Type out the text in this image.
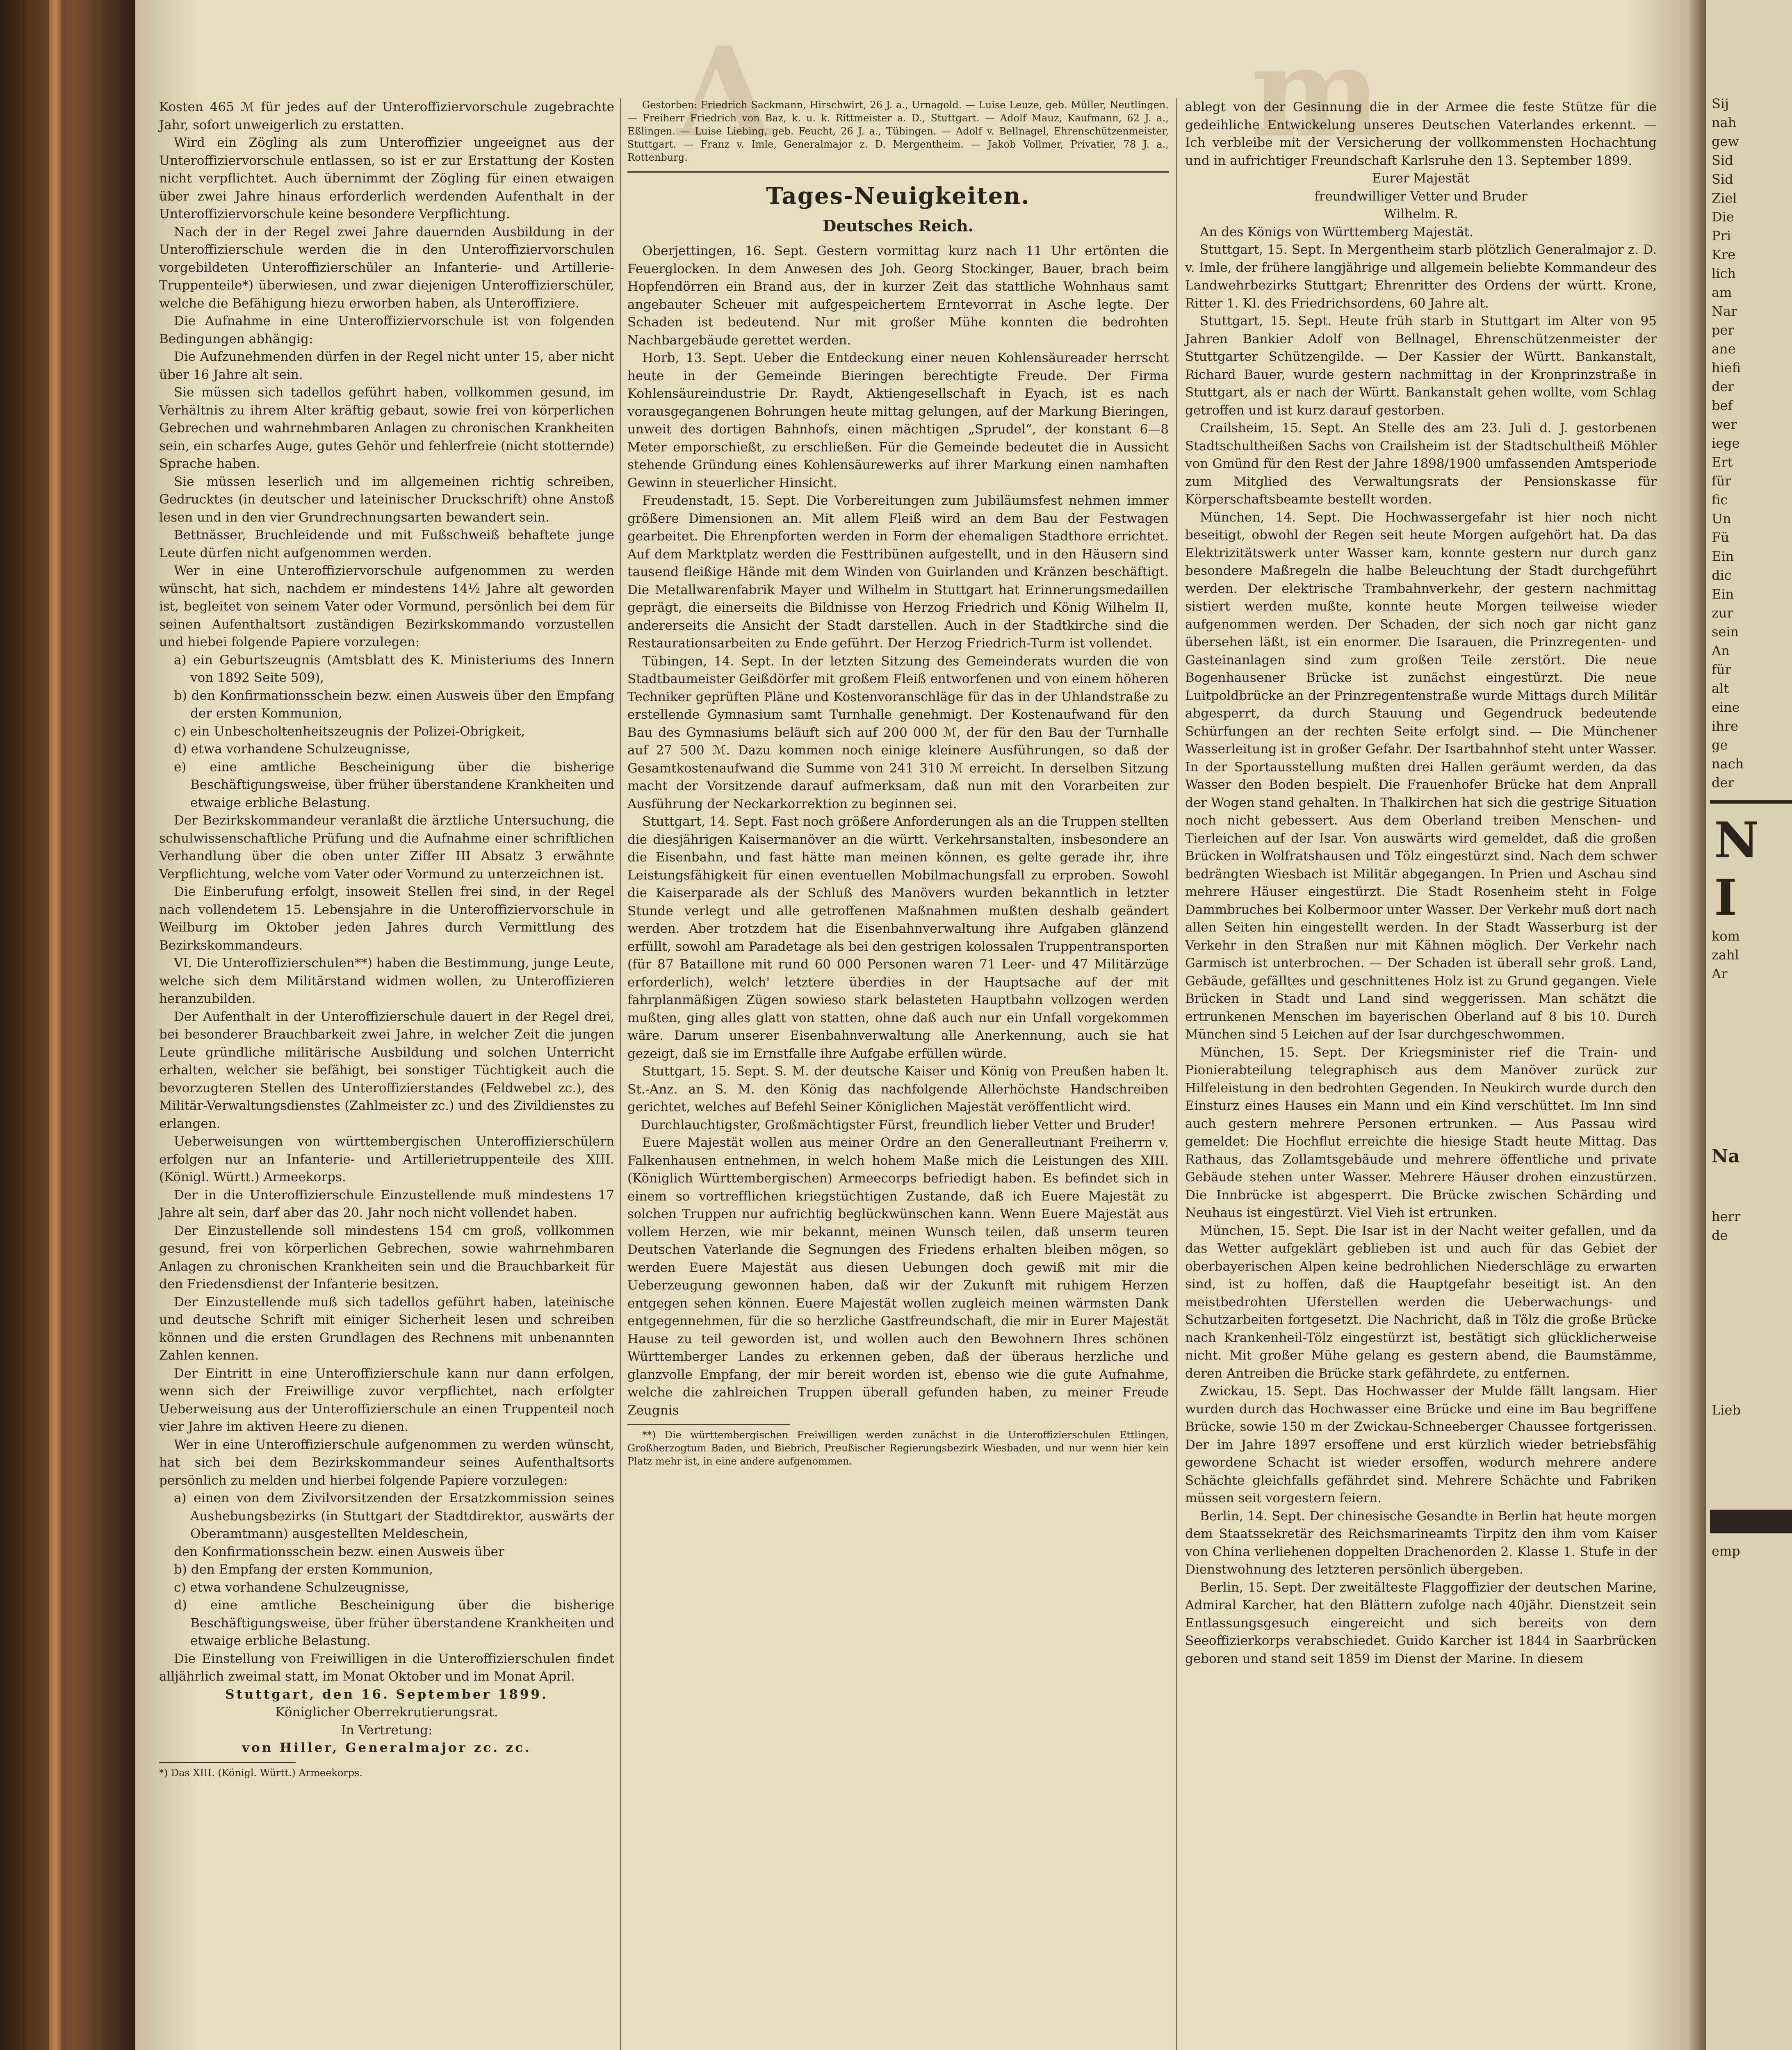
Kosten 465 ℳ für jedes auf der Unteroffiziervorschule zugebrachte Jahr, sofort unweigerlich zu erstatten.

Wird ein Zögling als zum Unteroffizier ungeeignet aus der Unteroffiziervorschule entlassen, so ist er zur Erstattung der Kosten nicht verpflichtet. Auch übernimmt der Zögling für einen etwaigen über zwei Jahre hinaus erforderlich werdenden Aufenthalt in der Unteroffiziervorschule keine besondere Verpflichtung.

Nach der in der Regel zwei Jahre dauernden Ausbildung in der Unteroffizierschule werden die in den Unteroffiziervorschulen vorgebildeten Unteroffizierschüler an Infanterie- und Artillerie-Truppenteile*) überwiesen, und zwar diejenigen Unteroffizierschüler, welche die Befähigung hiezu erworben haben, als Unteroffiziere.

Die Aufnahme in eine Unteroffiziervorschule ist von folgenden Bedingungen abhängig:

Die Aufzunehmenden dürfen in der Regel nicht unter 15, aber nicht über 16 Jahre alt sein.

Sie müssen sich tadellos geführt haben, vollkommen gesund, im Verhältnis zu ihrem Alter kräftig gebaut, sowie frei von körperlichen Gebrechen und wahrnehmbaren Anlagen zu chronischen Krankheiten sein, ein scharfes Auge, gutes Gehör und fehlerfreie (nicht stotternde) Sprache haben.

Sie müssen leserlich und im allgemeinen richtig schreiben, Gedrucktes (in deutscher und lateinischer Druckschrift) ohne Anstoß lesen und in den vier Grundrechnungsarten bewandert sein.

Bettnässer, Bruchleidende und mit Fußschweiß behaftete junge Leute dürfen nicht aufgenommen werden.

Wer in eine Unteroffiziervorschule aufgenommen zu werden wünscht, hat sich, nachdem er mindestens 14½ Jahre alt geworden ist, begleitet von seinem Vater oder Vormund, persönlich bei dem für seinen Aufenthaltsort zuständigen Bezirkskommando vorzustellen und hiebei folgende Papiere vorzulegen:

a) ein Geburtszeugnis (Amtsblatt des K. Ministeriums des Innern von 1892 Seite 509),

b) den Konfirmationsschein bezw. einen Ausweis über den Empfang der ersten Kommunion,

c) ein Unbescholtenheitszeugnis der Polizei-Obrigkeit,

d) etwa vorhandene Schulzeugnisse,

e) eine amtliche Bescheinigung über die bisherige Beschäftigungsweise, über früher überstandene Krankheiten und etwaige erbliche Belastung.

Der Bezirkskommandeur veranlaßt die ärztliche Untersuchung, die schulwissenschaftliche Prüfung und die Aufnahme einer schriftlichen Verhandlung über die oben unter Ziffer III Absatz 3 erwähnte Verpflichtung, welche vom Vater oder Vormund zu unterzeichnen ist.

Die Einberufung erfolgt, insoweit Stellen frei sind, in der Regel nach vollendetem 15. Lebensjahre in die Unteroffiziervorschule in Weilburg im Oktober jeden Jahres durch Vermittlung des Bezirkskommandeurs.

VI. Die Unteroffizierschulen**) haben die Bestimmung, junge Leute, welche sich dem Militärstand widmen wollen, zu Unteroffizieren heranzubilden.

Der Aufenthalt in der Unteroffizierschule dauert in der Regel drei, bei besonderer Brauchbarkeit zwei Jahre, in welcher Zeit die jungen Leute gründliche militärische Ausbildung und solchen Unterricht erhalten, welcher sie befähigt, bei sonstiger Tüchtigkeit auch die bevorzugteren Stellen des Unteroffizierstandes (Feldwebel zc.), des Militär-Verwaltungsdienstes (Zahlmeister zc.) und des Zivildienstes zu erlangen.

Ueberweisungen von württembergischen Unteroffizierschülern erfolgen nur an Infanterie- und Artillerietruppenteile des XIII. (Königl. Württ.) Armeekorps.

Der in die Unteroffizierschule Einzustellende muß mindestens 17 Jahre alt sein, darf aber das 20. Jahr noch nicht vollendet haben.

Der Einzustellende soll mindestens 154 cm groß, vollkommen gesund, frei von körperlichen Gebrechen, sowie wahrnehmbaren Anlagen zu chronischen Krankheiten sein und die Brauchbarkeit für den Friedensdienst der Infanterie besitzen.

Der Einzustellende muß sich tadellos geführt haben, lateinische und deutsche Schrift mit einiger Sicherheit lesen und schreiben können und die ersten Grundlagen des Rechnens mit unbenannten Zahlen kennen.

Der Eintritt in eine Unteroffizierschule kann nur dann erfolgen, wenn sich der Freiwillige zuvor verpflichtet, nach erfolgter Ueberweisung aus der Unteroffizierschule an einen Truppenteil noch vier Jahre im aktiven Heere zu dienen.

Wer in eine Unteroffizierschule aufgenommen zu werden wünscht, hat sich bei dem Bezirkskommandeur seines Aufenthaltsorts persönlich zu melden und hierbei folgende Papiere vorzulegen:

a) einen von dem Zivilvorsitzenden der Ersatzkommission seines Aushebungsbezirks (in Stuttgart der Stadtdirektor, auswärts der Oberamtmann) ausgestellten Meldeschein,

den Konfirmationsschein bezw. einen Ausweis über

b) den Empfang der ersten Kommunion,

c) etwa vorhandene Schulzeugnisse,

d) eine amtliche Bescheinigung über die bisherige Beschäftigungsweise, über früher überstandene Krankheiten und etwaige erbliche Belastung.

Die Einstellung von Freiwilligen in die Unteroffizierschulen findet alljährlich zweimal statt, im Monat Oktober und im Monat April.

Stuttgart, den 16. September 1899.

Königlicher Oberrekrutierungsrat.

In Vertretung:

von Hiller, Generalmajor zc. zc.

*) Das XIII. (Königl. Württ.) Armeekorps.

Gestorben: Friedrich Sackmann, Hirschwirt, 26 J. a., Urnagold. — Luise Leuze, geb. Müller, Neutlingen. — Freiherr Friedrich von Baz, k. u. k. Rittmeister a. D., Stuttgart. — Adolf Mauz, Kaufmann, 62 J. a., Eßlingen. — Luise Liebing, geb. Feucht, 26 J. a., Tübingen. — Adolf v. Bellnagel, Ehrenschützenmeister, Stuttgart. — Franz v. Imle, Generalmajor z. D. Mergentheim. — Jakob Vollmer, Privatier, 78 J. a., Rottenburg.

Tages-Neuigkeiten.
Deutsches Reich.

Oberjettingen, 16. Sept. Gestern vormittag kurz nach 11 Uhr ertönten die Feuerglocken. In dem Anwesen des Joh. Georg Stockinger, Bauer, brach beim Hopfendörren ein Brand aus, der in kurzer Zeit das stattliche Wohnhaus samt angebauter Scheuer mit aufgespeichertem Erntevorrat in Asche legte. Der Schaden ist bedeutend. Nur mit großer Mühe konnten die bedrohten Nachbargebäude gerettet werden.

Horb, 13. Sept. Ueber die Entdeckung einer neuen Kohlensäureader herrscht heute in der Gemeinde Bieringen berechtigte Freude. Der Firma Kohlensäureindustrie Dr. Raydt, Aktiengesellschaft in Eyach, ist es nach vorausgegangenen Bohrungen heute mittag gelungen, auf der Markung Bieringen, unweit des dortigen Bahnhofs, einen mächtigen „Sprudel“, der konstant 6—8 Meter emporschießt, zu erschließen. Für die Gemeinde bedeutet die in Aussicht stehende Gründung eines Kohlensäurewerks auf ihrer Markung einen namhaften Gewinn in steuerlicher Hinsicht.

Freudenstadt, 15. Sept. Die Vorbereitungen zum Jubiläumsfest nehmen immer größere Dimensionen an. Mit allem Fleiß wird an dem Bau der Festwagen gearbeitet. Die Ehrenpforten werden in Form der ehemaligen Stadthore errichtet. Auf dem Marktplatz werden die Festtribünen aufgestellt, und in den Häusern sind tausend fleißige Hände mit dem Winden von Guirlanden und Kränzen beschäftigt. Die Metallwarenfabrik Mayer und Wilhelm in Stuttgart hat Erinnerungsmedaillen geprägt, die einerseits die Bildnisse von Herzog Friedrich und König Wilhelm II, andererseits die Ansicht der Stadt darstellen. Auch in der Stadtkirche sind die Restaurationsarbeiten zu Ende geführt. Der Herzog Friedrich-Turm ist vollendet.

Tübingen, 14. Sept. In der letzten Sitzung des Gemeinderats wurden die von Stadtbaumeister Geißdörfer mit großem Fleiß entworfenen und von einem höheren Techniker geprüften Pläne und Kostenvoranschläge für das in der Uhlandstraße zu erstellende Gymnasium samt Turnhalle genehmigt. Der Kostenaufwand für den Bau des Gymnasiums beläuft sich auf 200 000 ℳ, der für den Bau der Turnhalle auf 27 500 ℳ. Dazu kommen noch einige kleinere Ausführungen, so daß der Gesamtkostenaufwand die Summe von 241 310 ℳ erreicht. In derselben Sitzung macht der Vorsitzende darauf aufmerksam, daß nun mit den Vorarbeiten zur Ausführung der Neckarkorrektion zu beginnen sei.

Stuttgart, 14. Sept. Fast noch größere Anforderungen als an die Truppen stellten die diesjährigen Kaisermanöver an die württ. Verkehrsanstalten, insbesondere an die Eisenbahn, und fast hätte man meinen können, es gelte gerade ihr, ihre Leistungsfähigkeit für einen eventuellen Mobilmachungsfall zu erproben. Sowohl die Kaiserparade als der Schluß des Manövers wurden bekanntlich in letzter Stunde verlegt und alle getroffenen Maßnahmen mußten deshalb geändert werden. Aber trotzdem hat die Eisenbahnverwaltung ihre Aufgaben glänzend erfüllt, sowohl am Paradetage als bei den gestrigen kolossalen Truppentransporten (für 87 Bataillone mit rund 60 000 Personen waren 71 Leer- und 47 Militärzüge erforderlich), welch' letztere überdies in der Hauptsache auf der mit fahrplanmäßigen Zügen sowieso stark belasteten Hauptbahn vollzogen werden mußten, ging alles glatt von statten, ohne daß auch nur ein Unfall vorgekommen wäre. Darum unserer Eisenbahnverwaltung alle Anerkennung, auch sie hat gezeigt, daß sie im Ernstfalle ihre Aufgabe erfüllen würde.

Stuttgart, 15. Sept. S. M. der deutsche Kaiser und König von Preußen haben lt. St.-Anz. an S. M. den König das nachfolgende Allerhöchste Handschreiben gerichtet, welches auf Befehl Seiner Königlichen Majestät veröffentlicht wird.

Durchlauchtigster, Großmächtigster Fürst, freundlich lieber Vetter und Bruder!

Euere Majestät wollen aus meiner Ordre an den Generalleutnant Freiherrn v. Falkenhausen entnehmen, in welch hohem Maße mich die Leistungen des XIII. (Königlich Württembergischen) Armeecorps befriedigt haben. Es befindet sich in einem so vortrefflichen kriegstüchtigen Zustande, daß ich Euere Majestät zu solchen Truppen nur aufrichtig beglückwünschen kann. Wenn Euere Majestät aus vollem Herzen, wie mir bekannt, meinen Wunsch teilen, daß unserm teuren Deutschen Vaterlande die Segnungen des Friedens erhalten bleiben mögen, so werden Euere Majestät aus diesen Uebungen doch gewiß mit mir die Ueberzeugung gewonnen haben, daß wir der Zukunft mit ruhigem Herzen entgegen sehen können. Euere Majestät wollen zugleich meinen wärmsten Dank entgegennehmen, für die so herzliche Gastfreundschaft, die mir in Eurer Majestät Hause zu teil geworden ist, und wollen auch den Bewohnern Ihres schönen Württemberger Landes zu erkennen geben, daß der überaus herzliche und glanzvolle Empfang, der mir bereit worden ist, ebenso wie die gute Aufnahme, welche die zahlreichen Truppen überall gefunden haben, zu meiner Freude Zeugnis

**) Die württembergischen Freiwilligen werden zunächst in die Unteroffizierschulen Ettlingen, Großherzogtum Baden, und Biebrich, Preußischer Regierungsbezirk Wiesbaden, und nur wenn hier kein Platz mehr ist, in eine andere aufgenommen.

ablegt von der Gesinnung die in der Armee die feste Stütze für die gedeihliche Entwickelung unseres Deutschen Vaterlandes erkennt. — Ich verbleibe mit der Versicherung der vollkommensten Hochachtung und in aufrichtiger Freundschaft Karlsruhe den 13. September 1899.

Eurer Majestät

freundwilliger Vetter und Bruder

Wilhelm. R.

An des Königs von Württemberg Majestät.

Stuttgart, 15. Sept. In Mergentheim starb plötzlich Generalmajor z. D. v. Imle, der frühere langjährige und allgemein beliebte Kommandeur des Landwehrbezirks Stuttgart; Ehrenritter des Ordens der württ. Krone, Ritter 1. Kl. des Friedrichsordens, 60 Jahre alt.

Stuttgart, 15. Sept. Heute früh starb in Stuttgart im Alter von 95 Jahren Bankier Adolf von Bellnagel, Ehrenschützenmeister der Stuttgarter Schützengilde. — Der Kassier der Württ. Bankanstalt, Richard Bauer, wurde gestern nachmittag in der Kronprinzstraße in Stuttgart, als er nach der Württ. Bankanstalt gehen wollte, vom Schlag getroffen und ist kurz darauf gestorben.

Crailsheim, 15. Sept. An Stelle des am 23. Juli d. J. gestorbenen Stadtschultheißen Sachs von Crailsheim ist der Stadtschultheiß Möhler von Gmünd für den Rest der Jahre 1898/1900 umfassenden Amtsperiode zum Mitglied des Verwaltungsrats der Pensionskasse für Körperschaftsbeamte bestellt worden.

München, 14. Sept. Die Hochwassergefahr ist hier noch nicht beseitigt, obwohl der Regen seit heute Morgen aufgehört hat. Da das Elektrizitätswerk unter Wasser kam, konnte gestern nur durch ganz besondere Maßregeln die halbe Beleuchtung der Stadt durchgeführt werden. Der elektrische Trambahnverkehr, der gestern nachmittag sistiert werden mußte, konnte heute Morgen teilweise wieder aufgenommen werden. Der Schaden, der sich noch gar nicht ganz übersehen läßt, ist ein enormer. Die Isarauen, die Prinzregenten- und Gasteinanlagen sind zum großen Teile zerstört. Die neue Bogenhausener Brücke ist zunächst eingestürzt. Die neue Luitpoldbrücke an der Prinzregentenstraße wurde Mittags durch Militär abgesperrt, da durch Stauung und Gegendruck bedeutende Schürfungen an der rechten Seite erfolgt sind. — Die Münchener Wasserleitung ist in großer Gefahr. Der Isartbahnhof steht unter Wasser. In der Sportausstellung mußten drei Hallen geräumt werden, da das Wasser den Boden bespielt. Die Frauenhofer Brücke hat dem Anprall der Wogen stand gehalten. In Thalkirchen hat sich die gestrige Situation noch nicht gebessert. Aus dem Oberland treiben Menschen- und Tierleichen auf der Isar. Von auswärts wird gemeldet, daß die großen Brücken in Wolfratshausen und Tölz eingestürzt sind. Nach dem schwer bedrängten Wiesbach ist Militär abgegangen. In Prien und Aschau sind mehrere Häuser eingestürzt. Die Stadt Rosenheim steht in Folge Dammbruches bei Kolbermoor unter Wasser. Der Verkehr muß dort nach allen Seiten hin eingestellt werden. In der Stadt Wasserburg ist der Verkehr in den Straßen nur mit Kähnen möglich. Der Verkehr nach Garmisch ist unterbrochen. — Der Schaden ist überall sehr groß. Land, Gebäude, gefälltes und geschnittenes Holz ist zu Grund gegangen. Viele Brücken in Stadt und Land sind weggerissen. Man schätzt die ertrunkenen Menschen im bayerischen Oberland auf 8 bis 10. Durch München sind 5 Leichen auf der Isar durchgeschwommen.

München, 15. Sept. Der Kriegsminister rief die Train- und Pionierabteilung telegraphisch aus dem Manöver zurück zur Hilfeleistung in den bedrohten Gegenden. In Neukirch wurde durch den Einsturz eines Hauses ein Mann und ein Kind verschüttet. Im Inn sind auch gestern mehrere Personen ertrunken. — Aus Passau wird gemeldet: Die Hochflut erreichte die hiesige Stadt heute Mittag. Das Rathaus, das Zollamtsgebäude und mehrere öffentliche und private Gebäude stehen unter Wasser. Mehrere Häuser drohen einzustürzen. Die Innbrücke ist abgesperrt. Die Brücke zwischen Schärding und Neuhaus ist eingestürzt. Viel Vieh ist ertrunken.

München, 15. Sept. Die Isar ist in der Nacht weiter gefallen, und da das Wetter aufgeklärt geblieben ist und auch für das Gebiet der oberbayerischen Alpen keine bedrohlichen Niederschläge zu erwarten sind, ist zu hoffen, daß die Hauptgefahr beseitigt ist. An den meistbedrohten Uferstellen werden die Ueberwachungs- und Schutzarbeiten fortgesetzt. Die Nachricht, daß in Tölz die große Brücke nach Krankenheil-Tölz eingestürzt ist, bestätigt sich glücklicherweise nicht. Mit großer Mühe gelang es gestern abend, die Baumstämme, deren Antreiben die Brücke stark gefährdete, zu entfernen.

Zwickau, 15. Sept. Das Hochwasser der Mulde fällt langsam. Hier wurden durch das Hochwasser eine Brücke und eine im Bau begriffene Brücke, sowie 150 m der Zwickau-Schneeberger Chaussee fortgerissen. Der im Jahre 1897 ersoffene und erst kürzlich wieder betriebsfähig gewordene Schacht ist wieder ersoffen, wodurch mehrere andere Schächte gleichfalls gefährdet sind. Mehrere Schächte und Fabriken müssen seit vorgestern feiern.

Berlin, 14. Sept. Der chinesische Gesandte in Berlin hat heute morgen dem Staatssekretär des Reichsmarineamts Tirpitz den ihm vom Kaiser von China verliehenen doppelten Drachenorden 2. Klasse 1. Stufe in der Dienstwohnung des letzteren persönlich übergeben.

Berlin, 15. Sept. Der zweitälteste Flaggoffizier der deutschen Marine, Admiral Karcher, hat den Blättern zufolge nach 40jähr. Dienstzeit sein Entlassungsgesuch eingereicht und sich bereits von dem Seeoffizierkorps verabschiedet. Guido Karcher ist 1844 in Saarbrücken geboren und stand seit 1859 im Dienst der Marine. In diesem

Sij
nah
gew
Sid
Sid
Ziel
Die
Pri
Kre
lich
am
Nar
per
ane
hiefi
der
bef
wer
iege
Ert
für
fic
Un
Fü
Ein
dic
Ein
zur
sein
An
für
alt
eine
ihre
ge
nach
der
N
I
kom
zahl
Ar
Na
herr
de
Lieb
emp
